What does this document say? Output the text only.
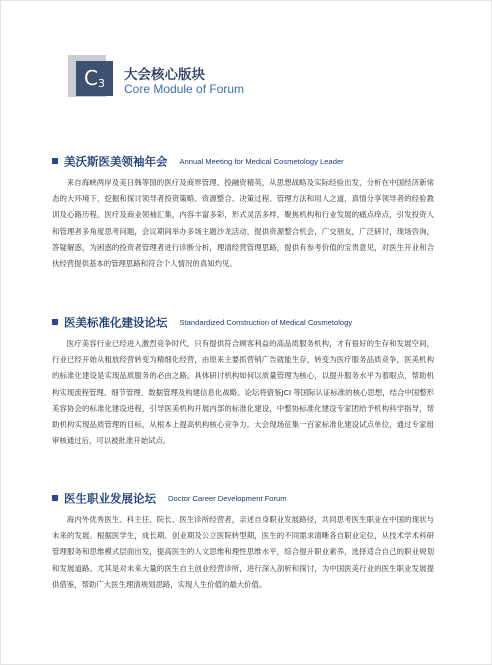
$C_3$
大会核心版块
Core Module of Forum
美沃斯医美领袖年会 Annual Meeting for Medical Cosmetology Leader

来自海峡两岸及美日韩等国的医疗及商界管理、投融资精英，从思想战略及实际经验出发，分析在中国经济新常态的大环境下，挖掘和探讨领导者投资策略、资源整合、决策过程、管理方法和用人之道，真情分享领导者的经验教训及心路历程。医疗及商业领袖汇集，内容丰富多彩，形式灵活多样，聚焦机构和行业发展的痛点痒点，引发投资人和管理者多角度思考问题，会议期间举办多场主题沙龙活动，提供资源整合机会，广交朋友，广泛研讨，现场咨询，答疑解惑，为困惑的投资者管理者进行诊断分析，理清经营管理思路，提供有参考价值的宝贵意见，对医生开业和合伙经营提供基本的管理思路和符合个人情况的真知灼见。

医美标准化建设论坛 Standardized Construction of Medical Cosmetology

医疗美容行业已经进入激烈竞争时代，只有提供符合顾客利益的高品质服务机构，才有很好的生存和发展空间，行业已经开始从粗放经营转变为精细化经营，由原来主要抓营销广告就能生存，转变为医疗服务品质竞争，医美机构的标准化建设是实现品质服务的必由之路。具体研讨机构如何以质量管理为核心，以提升服务水平为着眼点，帮助机构实现流程管理、细节管理、数据管理及构建信息化战略。论坛将借鉴JCI 等国际认证标准的核心思想，结合中国整形美容协会的标准化建设进程，引导医美机构开展内部的标准化建设，中整协标准化建设专家团给予机构科学指导，帮助机构实现品质管理的目标，从根本上提高机构核心竞争力。大会现场征集一百家标准化建设试点单位，通过专家组审核通过后，可以被批准开始试点。

医生职业发展论坛 Doctor Career Development Forum

海内外优秀医生、科主任、院长、医生诊所经营者，亲述自身职业发展路径，共同思考医生职业在中国的现状与未来的发展。根据医学生，成长期、创业期及公立医院转型期，医生的不同需求清晰各自职业定位，从技术学术科研管理服务和思维模式层面出发，提高医生的人文思维和理性思维水平，综合提升职业素养，选择适合自己的职业规划和发展道路。尤其是对未来大量的医生自主创业经营诊所，进行深入剖析和探讨，为中国医美行业的医生职业发展提供借鉴，帮助广大医生理清规划思路，实现人生价值的最大价值。
